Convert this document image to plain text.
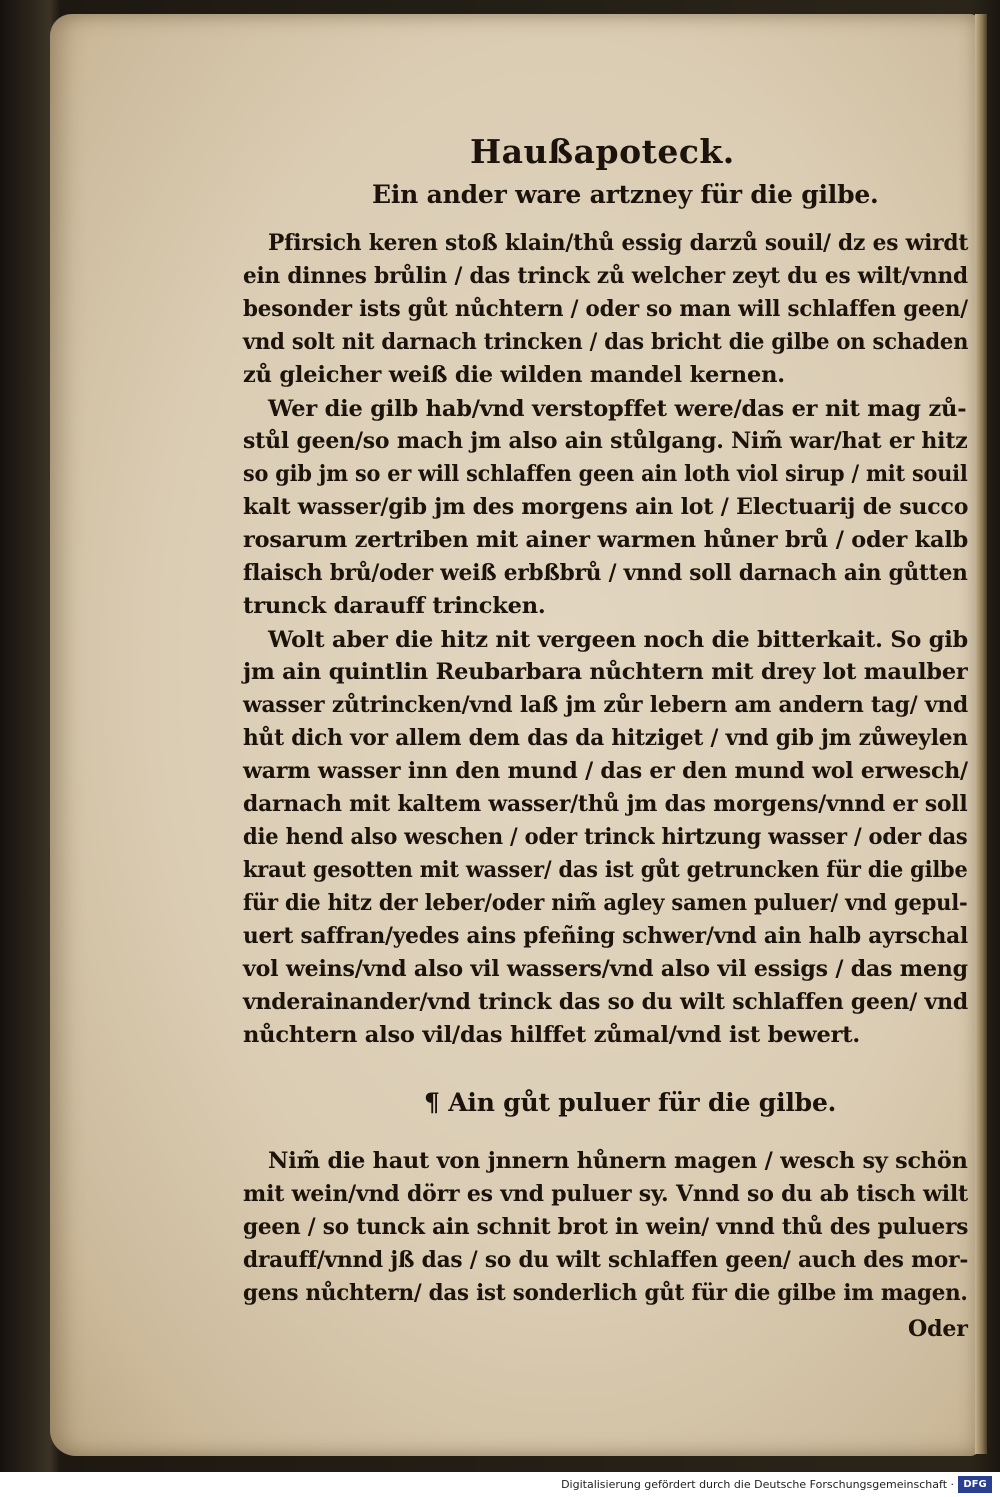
Haußapoteck.
Ein ander ware artzney für die gilbe.
Pfirsich keren stoß klain/thů essig darzů souil/ dz es wirdt
ein dinnes brůlin / das trinck zů welcher zeyt du es wilt/vnnd
besonder ists gůt nůchtern / oder so man will schlaffen geen/
vnd solt nit darnach trincken / das bricht die gilbe on schaden
zů gleicher weiß die wilden mandel kernen.
Wer die gilb hab/vnd verstopffet were/das er nit mag zů-
stůl geen/so mach jm also ain stůlgang. Nim̃ war/hat er hitz
so gib jm so er will schlaffen geen ain loth viol sirup / mit souil
kalt wasser/gib jm des morgens ain lot / Electuarij de succo
rosarum zertriben mit ainer warmen hůner brů / oder kalb
flaisch brů/oder weiß erbßbrů / vnnd soll darnach ain gůtten
trunck darauff trincken.
Wolt aber die hitz nit vergeen noch die bitterkait. So gib
jm ain quintlin Reubarbara nůchtern mit drey lot maulber
wasser zůtrincken/vnd laß jm zůr lebern am andern tag/ vnd
hůt dich vor allem dem das da hitziget / vnd gib jm zůweylen
warm wasser inn den mund / das er den mund wol erwesch/
darnach mit kaltem wasser/thů jm das morgens/vnnd er soll
die hend also weschen / oder trinck hirtzung wasser / oder das
kraut gesotten mit wasser/ das ist gůt getruncken für die gilbe
für die hitz der leber/oder nim̃ agley samen puluer/ vnd gepul-
uert saffran/yedes ains pfeñing schwer/vnd ain halb ayrschal
vol weins/vnd also vil wassers/vnd also vil essigs / das meng
vnderainander/vnd trinck das so du wilt schlaffen geen/ vnd
nůchtern also vil/das hilffet zůmal/vnd ist bewert.
¶ Ain gůt puluer für die gilbe.
Nim̃ die haut von jnnern hůnern magen / wesch sy schön
mit wein/vnd dörr es vnd puluer sy. Vnnd so du ab tisch wilt
geen / so tunck ain schnit brot in wein/ vnnd thů des puluers
drauff/vnnd jß das / so du wilt schlaffen geen/ auch des mor-
gens nůchtern/ das ist sonderlich gůt für die gilbe im magen.
Oder
Digitalisierung gefördert durch die Deutsche Forschungsgemeinschaft · DFG
